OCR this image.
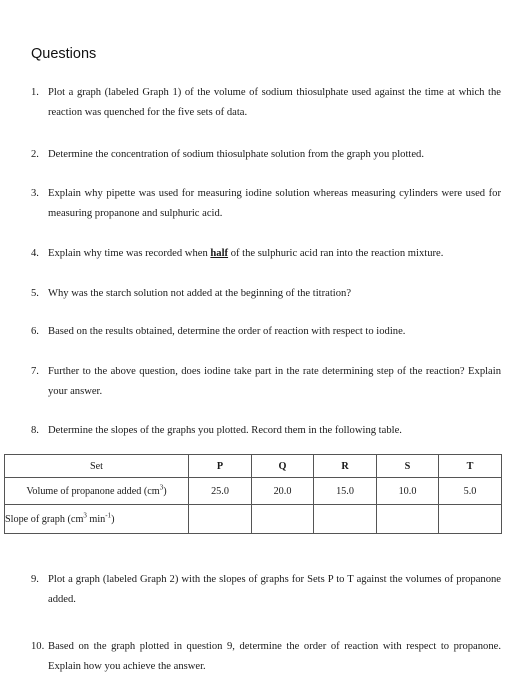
Questions
1. Plot a graph (labeled Graph 1) of the volume of sodium thiosulphate used against the time at which the reaction was quenched for the five sets of data.
2. Determine the concentration of sodium thiosulphate solution from the graph you plotted.
3. Explain why pipette was used for measuring iodine solution whereas measuring cylinders were used for measuring propanone and sulphuric acid.
4. Explain why time was recorded when half of the sulphuric acid ran into the reaction mixture.
5. Why was the starch solution not added at the beginning of the titration?
6. Based on the results obtained, determine the order of reaction with respect to iodine.
7. Further to the above question, does iodine take part in the rate determining step of the reaction? Explain your answer.
8. Determine the slopes of the graphs you plotted. Record them in the following table.
Set	P	Q	R	S	T
Volume of propanone added $(cm^3)$	25.0	20.0	15.0	10.0	5.0
Slope of graph ($cm^3$ $\min^{-1}$)					
9. Plot a graph (labeled Graph 2) with the slopes of graphs for Sets P to T against the volumes of propanone added.
10. Based on the graph plotted in question 9, determine the order of reaction with respect to propanone. Explain how you achieve the answer.
